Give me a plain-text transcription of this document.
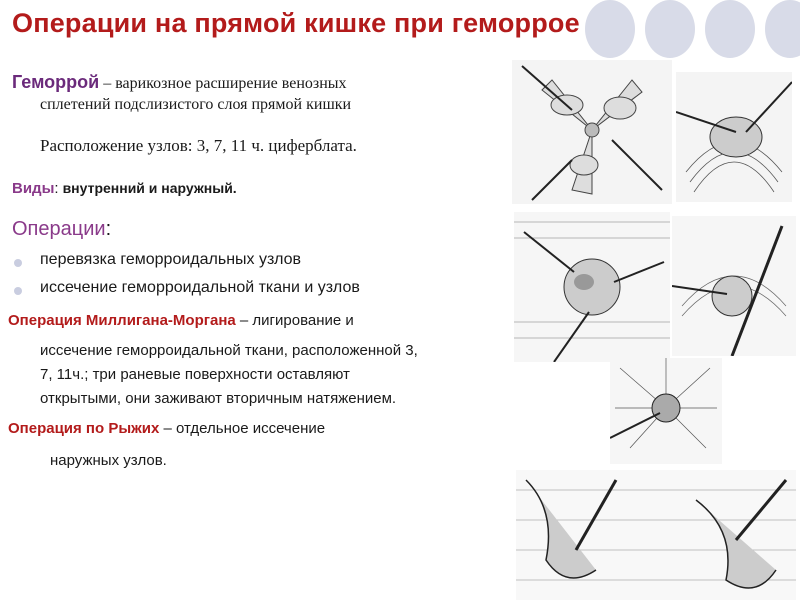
Операции на прямой кишке при геморрое
Геморрой – варикозное расширение венозных
сплетений подслизистого слоя прямой кишки
Расположение узлов: 3, 7, 11 ч. циферблата.
Виды: внутренний и наружный.
Операции:
перевязка геморроидальных узлов
иссечение геморроидальной ткани и узлов
Операция Миллигана-Моргана – лигирование и
иссечение геморроидальной ткани, расположенной 3,
7, 11ч.; три раневые поверхности оставляют
открытыми, они заживают вторичным натяжением.
Операция по Рыжих – отдельное иссечение
наружных узлов.
